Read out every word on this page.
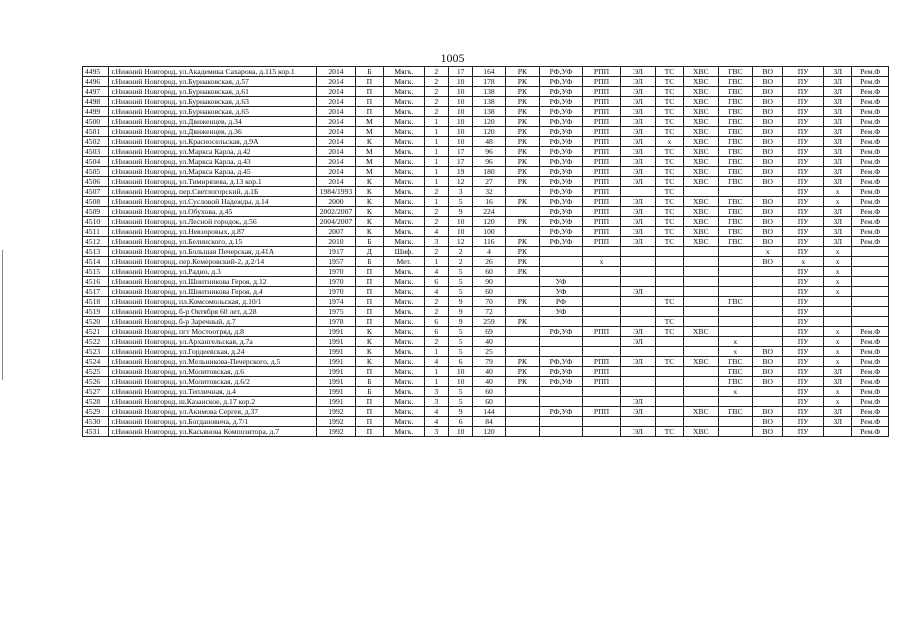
1005
4495	г.Нижний Новгород, ул.Академика Сахарова, д.115 кор.1	2014	Б	Мягк.	2	17	164	РК	РФ,УФ	РПП	ЭЛ	ТС	ХВС	ГВС	ВО	ПУ	ЗЛ	Рем.Ф
4496	г.Нижний Новгород, ул.Бурнаковская, д.57	2014	П	Мягк.	2	10	178	РК	РФ,УФ	РПП	ЭЛ	ТС	ХВС	ГВС	ВО	ПУ	ЗЛ	Рем.Ф
4497	г.Нижний Новгород, ул.Бурнаковская, д.61	2014	П	Мягк.	2	10	138	РК	РФ,УФ	РПП	ЭЛ	ТС	ХВС	ГВС	ВО	ПУ	ЗЛ	Рем.Ф
4498	г.Нижний Новгород, ул.Бурнаковская, д.63	2014	П	Мягк.	2	10	138	РК	РФ,УФ	РПП	ЭЛ	ТС	ХВС	ГВС	ВО	ПУ	ЗЛ	Рем.Ф
4499	г.Нижний Новгород, ул.Бурнаковская, д.65	2014	П	Мягк.	2	10	138	РК	РФ,УФ	РПП	ЭЛ	ТС	ХВС	ГВС	ВО	ПУ	ЗЛ	Рем.Ф
4500	г.Нижний Новгород, ул.Движенцев, д.34	2014	М	Мягк.	1	10	120	РК	РФ,УФ	РПП	ЭЛ	ТС	ХВС	ГВС	ВО	ПУ	ЗЛ	Рем.Ф
4501	г.Нижний Новгород, ул.Движенцев, д.36	2014	М	Мягк.	1	10	120	РК	РФ,УФ	РПП	ЭЛ	ТС	ХВС	ГВС	ВО	ПУ	ЗЛ	Рем.Ф
4502	г.Нижний Новгород, ул.Красносельская, д.9А	2014	К	Мягк.	1	10	48	РК	РФ,УФ	РПП	ЭЛ	х	ХВС	ГВС	ВО	ПУ	ЗЛ	Рем.Ф
4503	г.Нижний Новгород, ул.Маркса Карла, д.42	2014	М	Мягк.	1	17	96	РК	РФ,УФ	РПП	ЭЛ	ТС	ХВС	ГВС	ВО	ПУ	ЗЛ	Рем.Ф
4504	г.Нижний Новгород, ул.Маркса Карла, д.43	2014	М	Мягк.	1	17	96	РК	РФ,УФ	РПП	ЭЛ	ТС	ХВС	ГВС	ВО	ПУ	ЗЛ	Рем.Ф
4505	г.Нижний Новгород, ул.Маркса Карла, д.45	2014	М	Мягк.	1	19	180	РК	РФ,УФ	РПП	ЭЛ	ТС	ХВС	ГВС	ВО	ПУ	ЗЛ	Рем.Ф
4506	г.Нижний Новгород, ул.Тимирязева, д.13 кор.1	2014	К	Мягк.	1	12	27	РК	РФ,УФ	РПП	ЭЛ	ТС	ХВС	ГВС	ВО	ПУ	ЗЛ	Рем.Ф
4507	г.Нижний Новгород, пер.Светлогорский, д.1Б	1984/1993	К	Мягк.	2	3	32		РФ,УФ	РПП		ТС				ПУ	х	Рем.Ф
4508	г.Нижний Новгород, ул.Сусловой Надежды, д.14	2000	К	Мягк.	1	5	16	РК	РФ,УФ	РПП	ЭЛ	ТС	ХВС	ГВС	ВО	ПУ	х	Рем.Ф
4509	г.Нижний Новгород, ул.Обухова, д.45	2002/2007	К	Мягк.	2	9	224		РФ,УФ	РПП	ЭЛ	ТС	ХВС	ГВС	ВО	ПУ	ЗЛ	Рем.Ф
4510	г.Нижний Новгород, ул.Лесной городок, д.56	2004/2007	К	Мягк.	2	10	120	РК	РФ,УФ	РПП	ЭЛ	ТС	ХВС	ГВС	ВО	ПУ	ЗЛ	Рем.Ф
4511	г.Нижний Новгород, ул.Невзоровых, д.87	2007	К	Мягк.	4	10	100		РФ,УФ	РПП	ЭЛ	ТС	ХВС	ГВС	ВО	ПУ	ЗЛ	Рем.Ф
4512	г.Нижний Новгород, ул.Белинского, д.15	2010	Б	Мягк.	3	12	116	РК	РФ,УФ	РПП	ЭЛ	ТС	ХВС	ГВС	ВО	ПУ	ЗЛ	Рем.Ф
4513	г.Нижний Новгород, ул.Большая Печерская, д.41А	1917	Д	Шиф.	2	2	4	РК							х	ПУ	х	
4514	г.Нижний Новгород, пер.Кемеровский-2, д.2/14	1957	Б	Мет.	1	2	26	РК		х					ВО	х	х	
4515	г.Нижний Новгород, ул.Радио, д.3	1970	П	Мягк.	4	5	60	РК								ПУ	х	
4516	г.Нижний Новгород, ул.Шнитникова Героя, д.12	1970	П	Мягк.	6	5	90		УФ							ПУ	х	
4517	г.Нижний Новгород, ул.Шнитникова Героя, д.4	1970	П	Мягк.	4	5	60		УФ		ЭЛ					ПУ	х	
4518	г.Нижний Новгород, пл.Комсомольская, д.10/1	1974	П	Мягк.	2	9	70	РК	РФ			ТС		ГВС		ПУ		
4519	г.Нижний Новгород, б-р Октября 60 лет, д.28	1975	П	Мягк.	2	9	72		УФ							ПУ		
4520	г.Нижний Новгород, б-р Заречный, д.7	1978	П	Мягк.	6	9	259	РК				ТС				ПУ		
4521	г.Нижний Новгород, пгт Мостоотряд, д.8	1991	К	Мягк.	6	5	69		РФ,УФ	РПП	ЭЛ	ТС	ХВС			ПУ	х	Рем.Ф
4522	г.Нижний Новгород, ул.Архангельская, д.7а	1991	К	Мягк.	2	5	40				ЭЛ			х		ПУ	х	Рем.Ф
4523	г.Нижний Новгород, ул.Гордеевская, д.24	1991	К	Мягк.	1	5	25							х	ВО	ПУ	х	Рем.Ф
4524	г.Нижний Новгород, ул.Мельникова-Печерского, д.5	1991	К	Мягк.	4	6	79	РК	РФ,УФ	РПП	ЭЛ	ТС	ХВС	ГВС	ВО	ПУ	х	Рем.Ф
4525	г.Нижний Новгород, ул.Молитовская, д.6	1991	П	Мягк.	1	10	40	РК	РФ,УФ	РПП				ГВС	ВО	ПУ	ЗЛ	Рем.Ф
4526	г.Нижний Новгород, ул.Молитовская, д.6/2	1991	Б	Мягк.	1	10	40	РК	РФ,УФ	РПП				ГВС	ВО	ПУ	ЗЛ	Рем.Ф
4527	г.Нижний Новгород, ул.Тепличная, д.4	1991	Б	Мягк.	3	5	60							х		ПУ	х	Рем.Ф
4528	г.Нижний Новгород, ш.Казанское, д.17 кор.2	1991	П	Мягк.	3	5	60				ЭЛ					ПУ	х	Рем.Ф
4529	г.Нижний Новгород, ул.Акимова Сергея, д.37	1992	П	Мягк.	4	9	144		РФ,УФ	РПП	ЭЛ		ХВС	ГВС	ВО	ПУ	ЗЛ	Рем.Ф
4530	г.Нижний Новгород, ул.Богдановича, д.7/1	1992	П	Мягк.	4	6	84								ВО	ПУ	ЗЛ	Рем.Ф
4531	г.Нижний Новгород, ул.Касьянова Композитора, д.7	1992	П	Мягк.	3	10	120				ЭЛ	ТС	ХВС		ВО	ПУ		Рем.Ф
